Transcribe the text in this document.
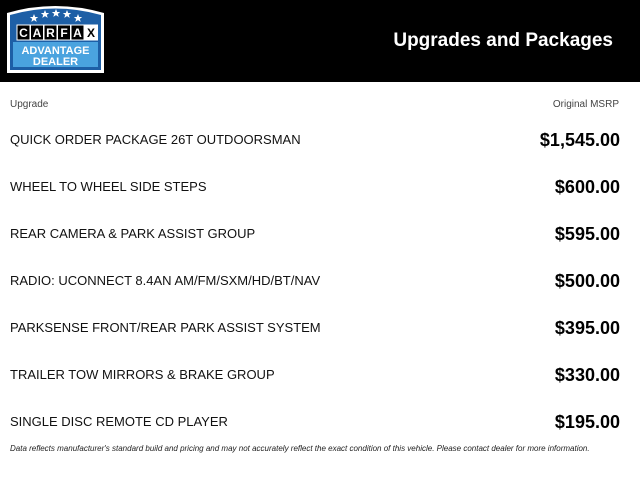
C A R F A X
ADVANTAGE
DEALER
Upgrades and Packages
Upgrade	Original MSRP
QUICK ORDER PACKAGE 26T OUTDOORSMAN	$1,545.00
WHEEL TO WHEEL SIDE STEPS	$600.00
REAR CAMERA & PARK ASSIST GROUP	$595.00
RADIO: UCONNECT 8.4AN AM/FM/SXM/HD/BT/NAV	$500.00
PARKSENSE FRONT/REAR PARK ASSIST SYSTEM	$395.00
TRAILER TOW MIRRORS & BRAKE GROUP	$330.00
SINGLE DISC REMOTE CD PLAYER	$195.00
Data reflects manufacturer's standard build and pricing and may not accurately reflect the exact condition of this vehicle. Please contact dealer for more information.
